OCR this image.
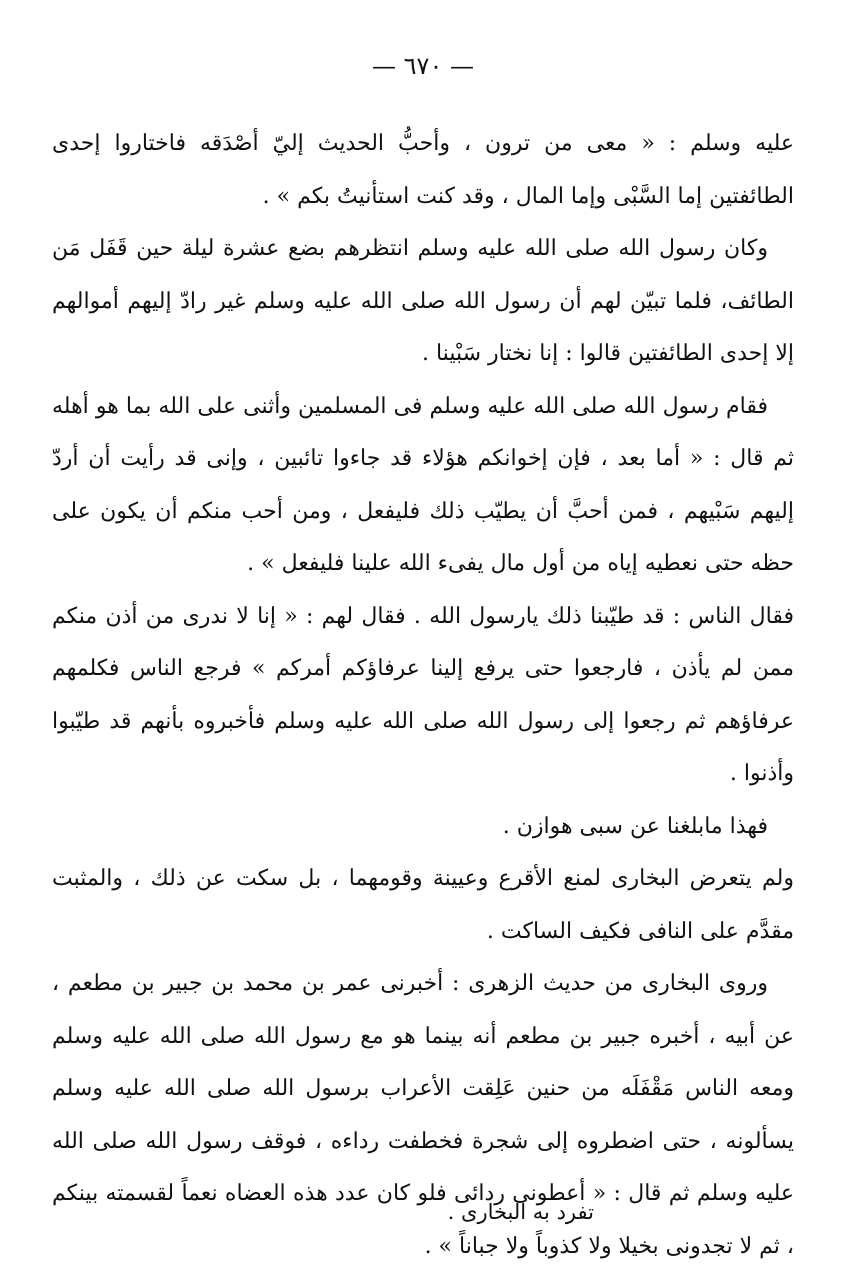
— ٦٧٠ —

عليه وسلم : « معى من ترون ، وأحبُّ الحديث إليّ أصْدَقه فاختاروا إحدى الطائفتين إما السَّبْى وإما المال ، وقد كنت استأنيتُ بكم » .

وكان رسول الله صلى الله عليه وسلم انتظرهم بضع عشرة ليلة حين قَفَل مَن الطائف، فلما تبيّن لهم أن رسول الله صلى الله عليه وسلم غير رادّ إليهم أموالهم إلا إحدى الطائفتين قالوا : إنا نختار سَبْينا .

فقام رسول الله صلى الله عليه وسلم فى المسلمين وأثنى على الله بما هو أهله ثم قال : « أما بعد ، فإن إخوانكم هؤلاء قد جاءوا تائبين ، وإنى قد رأيت أن أردّ إليهم سَبْيهم ، فمن أحبَّ أن يطيّب ذلك فليفعل ، ومن أحب منكم أن يكون على حظه حتى نعطيه إياه من أول مال يفىء الله علينا فليفعل » .

فقال الناس : قد طيّبنا ذلك يارسول الله . فقال لهم : « إنا لا ندرى من أذن منكم ممن لم يأذن ، فارجعوا حتى يرفع إلينا عرفاؤكم أمركم » فرجع الناس فكلمهم عرفاؤهم ثم رجعوا إلى رسول الله صلى الله عليه وسلم فأخبروه بأنهم قد طيّبوا وأذنوا .

فهذا مابلغنا عن سبى هوازن .

ولم يتعرض البخارى لمنع الأقرع وعيينة وقومهما ، بل سكت عن ذلك ، والمثبت مقدَّم على النافى فكيف الساكت .

وروى البخارى من حديث الزهرى : أخبرنى عمر بن محمد بن جبير بن مطعم ، عن أبيه ، أخبره جبير بن مطعم أنه بينما هو مع رسول الله صلى الله عليه وسلم ومعه الناس مَقْفَلَه من حنين عَلِقت الأعراب برسول الله صلى الله عليه وسلم يسألونه ، حتى اضطروه إلى شجرة فخطفت رداءه ، فوقف رسول الله صلى الله عليه وسلم ثم قال : « أعطونى ردائى فلو كان عدد هذه العضاه نعماً لقسمته بينكم ، ثم لا تجدونى بخيلا ولا كذوباً ولا جباناً » .

تفرد به البخارى .
